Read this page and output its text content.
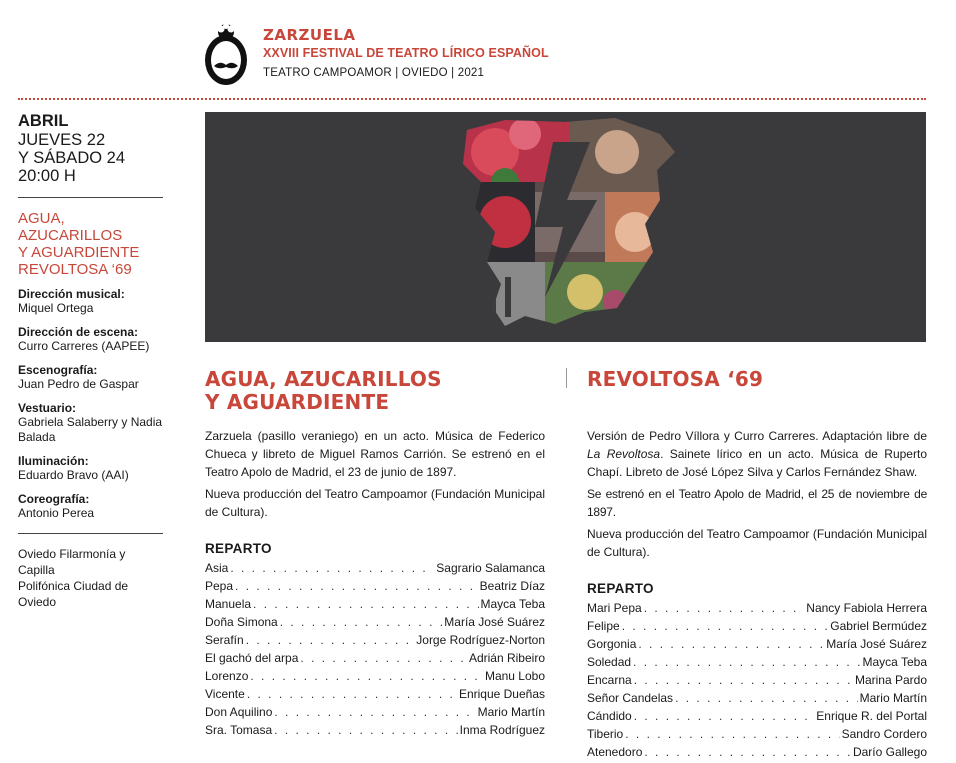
ZARZUELA
XXVIII FESTIVAL DE TEATRO LÍRICO ESPAÑOL
TEATRO CAMPOAMOR | OVIEDO | 2021
ABRIL
JUEVES 22
Y SÁBADO 24
20:00 H
AGUA,
AZUCARILLOS
Y AGUARDIENTE
REVOLTOSA ‘69
Dirección musical:
Miquel Ortega
Dirección de escena:
Curro Carreres (AAPEE)
Escenografía:
Juan Pedro de Gaspar
Vestuario:
Gabriela Salaberry y Nadia
Balada
Iluminación:
Eduardo Bravo (AAI)
Coreografía:
Antonio Perea
Oviedo Filarmonía y Capilla
Polifónica Ciudad de Oviedo
AGUA, AZUCARILLOS
Y AGUARDIENTE
Zarzuela (pasillo veraniego) en un acto. Música de Federico Chueca y libreto de Miguel Ramos Carrión. Se estrenó en el Teatro Apolo de Madrid, el 23 de junio de 1897.
Nueva producción del Teatro Campoamor (Fundación Municipal de Cultura).
REPARTO
Asia . . .	Sagrario Salamanca
Pepa . . .	Beatriz Díaz
Manuela . . .	Mayca Teba
Doña Simona . . .	María José Suárez
Serafín . . .	Jorge Rodríguez-Norton
El gachó del arpa . . .	Adrián Ribeiro
Lorenzo . . .	Manu Lobo
Vicente . . .	Enrique Dueñas
Don Aquilino . . .	Mario Martín
Sra. Tomasa . . .	Inma Rodríguez
REVOLTOSA ‘69
Versión de Pedro Víllora y Curro Carreres. Adaptación libre de La Revoltosa. Sainete lírico en un acto. Música de Ruperto Chapí. Libreto de José López Silva y Carlos Fernández Shaw.
Se estrenó en el Teatro Apolo de Madrid, el 25 de noviembre de 1897.
Nueva producción del Teatro Campoamor (Fundación Municipal de Cultura).
REPARTO
Mari Pepa . . .	Nancy Fabiola Herrera
Felipe . . .	Gabriel Bermúdez
Gorgonia . . .	María José Suárez
Soledad . . .	Mayca Teba
Encarna . . .	Marina Pardo
Señor Candelas . . .	Mario Martín
Cándido . . .	Enrique R. del Portal
Tiberio . . .	Sandro Cordero
Atenedoro . . .	Darío Gallego
